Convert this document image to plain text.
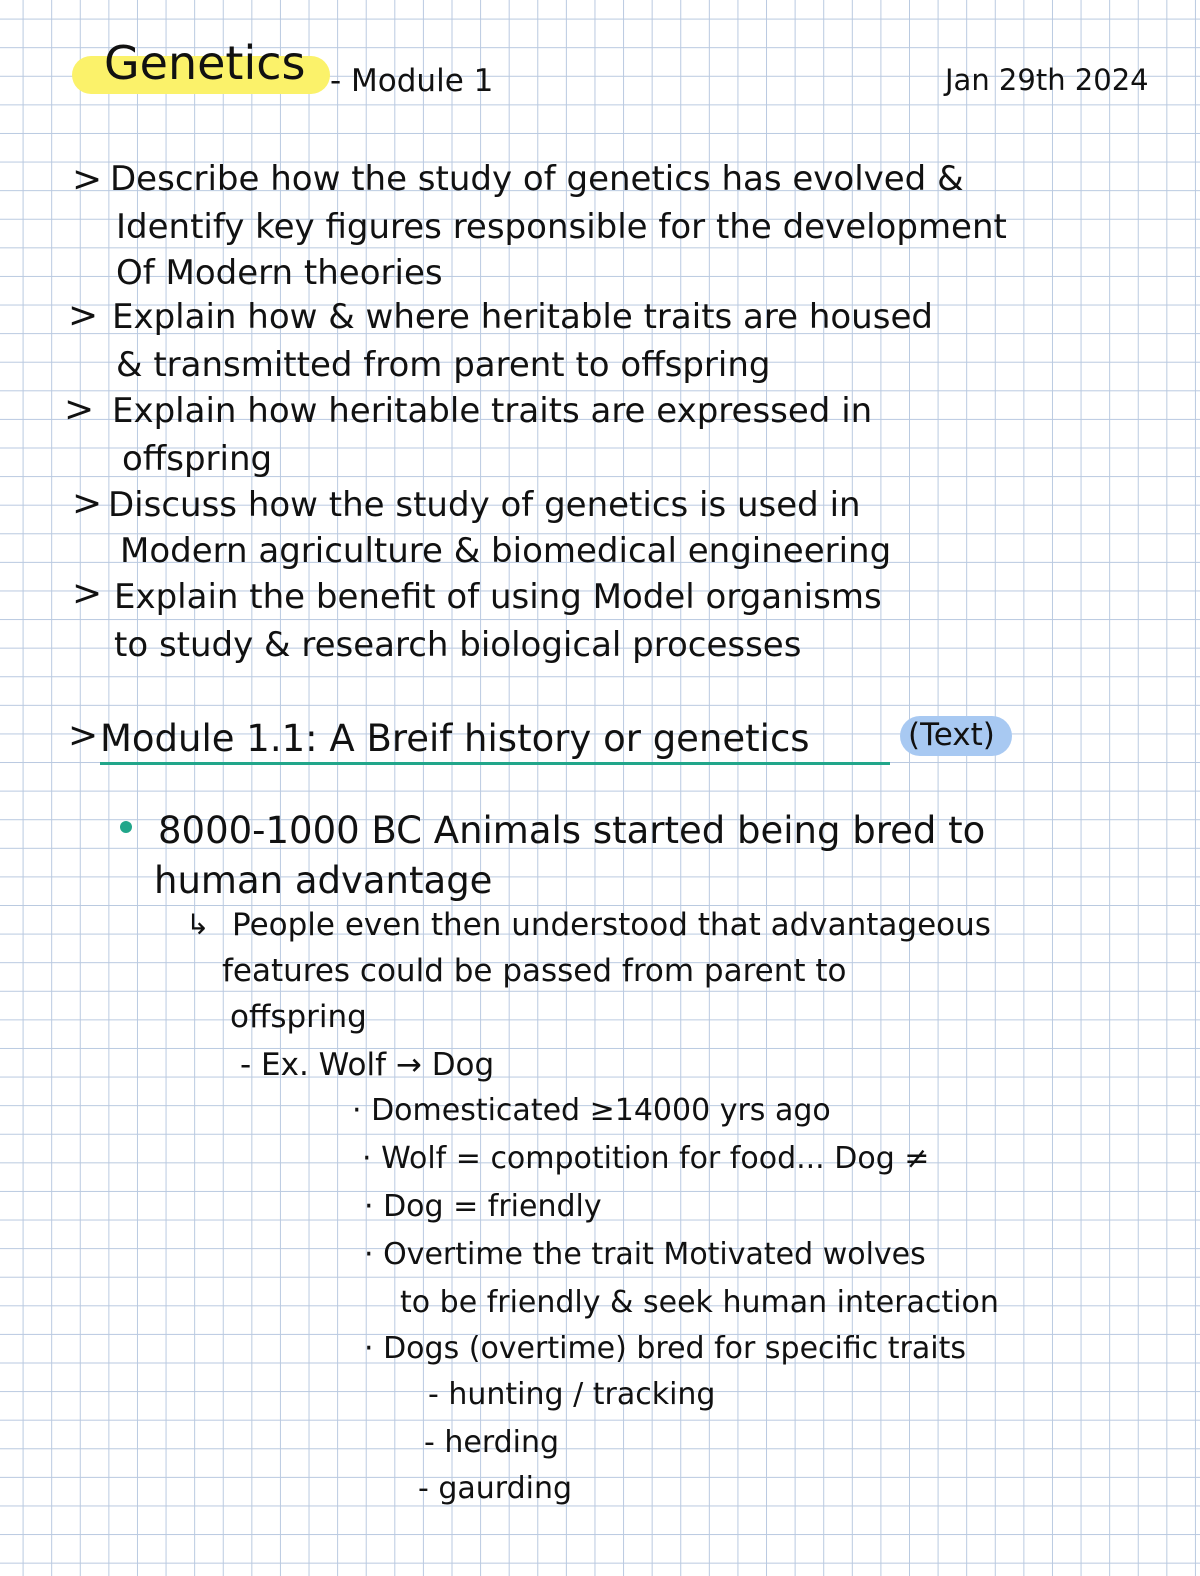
Genetics - Module 1	Jan 29th 2024
> Describe how the study of genetics has evolved &
Identify key figures responsible for the development
Of Modern theories
> Explain how & where heritable traits are housed
& transmitted from parent to offspring
> Explain how heritable traits are expressed in
offspring
> Discuss how the study of genetics is used in
Modern agriculture & biomedical engineering
> Explain the benefit of using Model organisms
to study & research biological processes
> Module 1.1: A Breif history or genetics	(Text)
8000-1000 BC Animals started being bred to
human advantage
↳ People even then understood that advantageous
features could be passed from parent to
offspring
- Ex. Wolf → Dog
· Domesticated ≥14000 yrs ago
· Wolf = compotition for food... Dog ≠
· Dog = friendly
· Overtime the trait Motivated wolves
to be friendly & seek human interaction
· Dogs (overtime) bred for specific traits
- hunting / tracking
- herding
- gaurding
